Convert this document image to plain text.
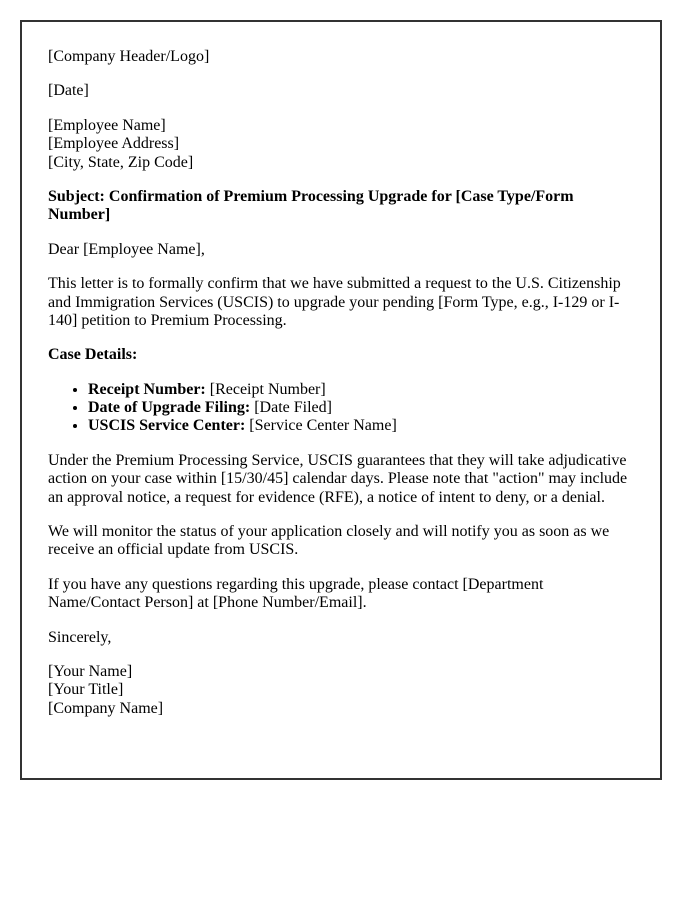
[Company Header/Logo]

[Date]

[Employee Name]
[Employee Address]
[City, State, Zip Code]

Subject: Confirmation of Premium Processing Upgrade for [Case Type/Form Number]

Dear [Employee Name],

This letter is to formally confirm that we have submitted a request to the U.S. Citizenship and Immigration Services (USCIS) to upgrade your pending [Form Type, e.g., I-129 or I-140] petition to Premium Processing.

Case Details:

• Receipt Number: [Receipt Number]
• Date of Upgrade Filing: [Date Filed]
• USCIS Service Center: [Service Center Name]

Under the Premium Processing Service, USCIS guarantees that they will take adjudicative action on your case within [15/30/45] calendar days. Please note that "action" may include an approval notice, a request for evidence (RFE), a notice of intent to deny, or a denial.

We will monitor the status of your application closely and will notify you as soon as we receive an official update from USCIS.

If you have any questions regarding this upgrade, please contact [Department Name/Contact Person] at [Phone Number/Email].

Sincerely,

[Your Name]
[Your Title]
[Company Name]
